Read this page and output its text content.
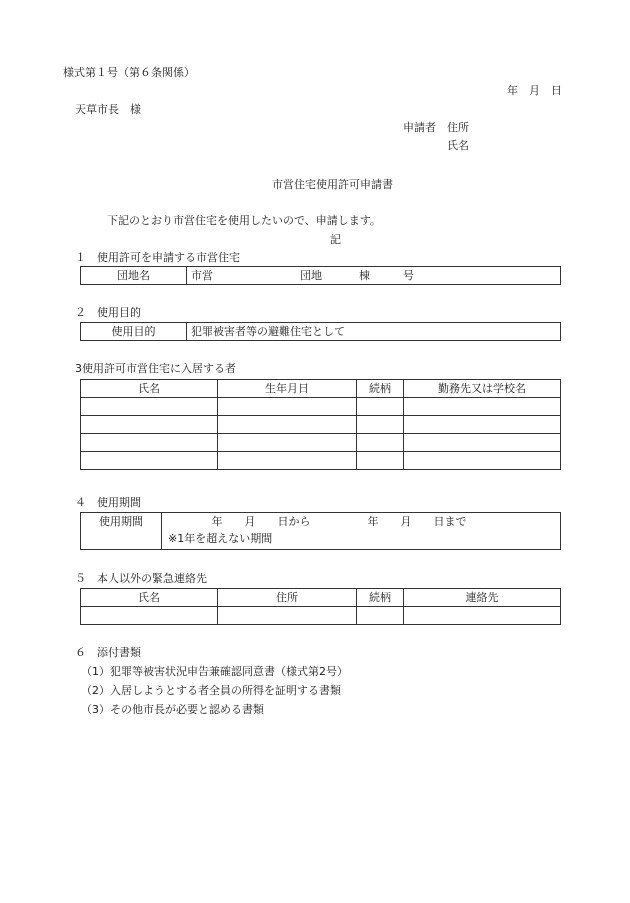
様式第１号（第６条関係）
年　月　日
天草市長　様
申請者　住所
氏名
市営住宅使用許可申請書
下記のとおり市営住宅を使用したいので、申請します。
記
１　使用許可を申請する市営住宅
団地名	市営	団地	棟	号
２　使用目的
使用目的	犯罪被害者等の避難住宅として
3使用許可市営住宅に入居する者
氏名	生年月日	続柄	勤務先又は学校名

４　使用期間
使用期間	年　　月　　日から	年　　月　　日まで
※1年を超えない期間
５　本人以外の緊急連絡先
氏名	住所	続柄	連絡先

６　添付書類
（1）犯罪等被害状況申告兼確認同意書（様式第2号）
（2）入居しようとする者全員の所得を証明する書類
（3）その他市長が必要と認める書類
